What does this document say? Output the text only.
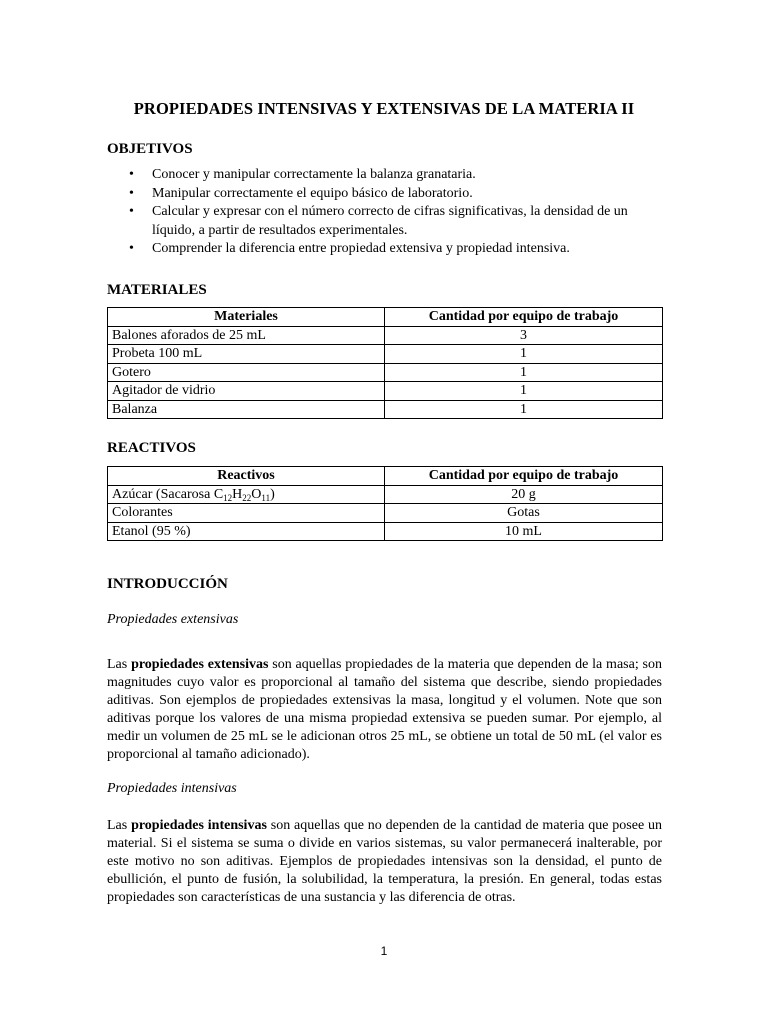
PROPIEDADES INTENSIVAS Y EXTENSIVAS DE LA MATERIA II
OBJETIVOS
• Conocer y manipular correctamente la balanza granataria.
• Manipular correctamente el equipo básico de laboratorio.
• Calcular y expresar con el número correcto de cifras significativas, la densidad de un líquido, a partir de resultados experimentales.
• Comprender la diferencia entre propiedad extensiva y propiedad intensiva.
MATERIALES
Materiales	Cantidad por equipo de trabajo
Balones aforados de 25 mL	3
Probeta 100 mL	1
Gotero	1
Agitador de vidrio	1
Balanza	1
REACTIVOS
Reactivos	Cantidad por equipo de trabajo
Azúcar (Sacarosa $C_{12}H_{22}O_{11}$)	20 g
Colorantes	Gotas
Etanol (95 %)	10 mL
INTRODUCCIÓN
Propiedades extensivas

Las propiedades extensivas son aquellas propiedades de la materia que dependen de la masa; son magnitudes cuyo valor es proporcional al tamaño del sistema que describe, siendo propiedades aditivas. Son ejemplos de propiedades extensivas la masa, longitud y el volumen. Note que son aditivas porque los valores de una misma propiedad extensiva se pueden sumar. Por ejemplo, al medir un volumen de 25 mL se le adicionan otros 25 mL, se obtiene un total de 50 mL (el valor es proporcional al tamaño adicionado).

Propiedades intensivas

Las propiedades intensivas son aquellas que no dependen de la cantidad de materia que posee un material. Si el sistema se suma o divide en varios sistemas, su valor permanecerá inalterable, por este motivo no son aditivas. Ejemplos de propiedades intensivas son la densidad, el punto de ebullición, el punto de fusión, la solubilidad, la temperatura, la presión. En general, todas estas propiedades son características de una sustancia y las diferencia de otras.

1
